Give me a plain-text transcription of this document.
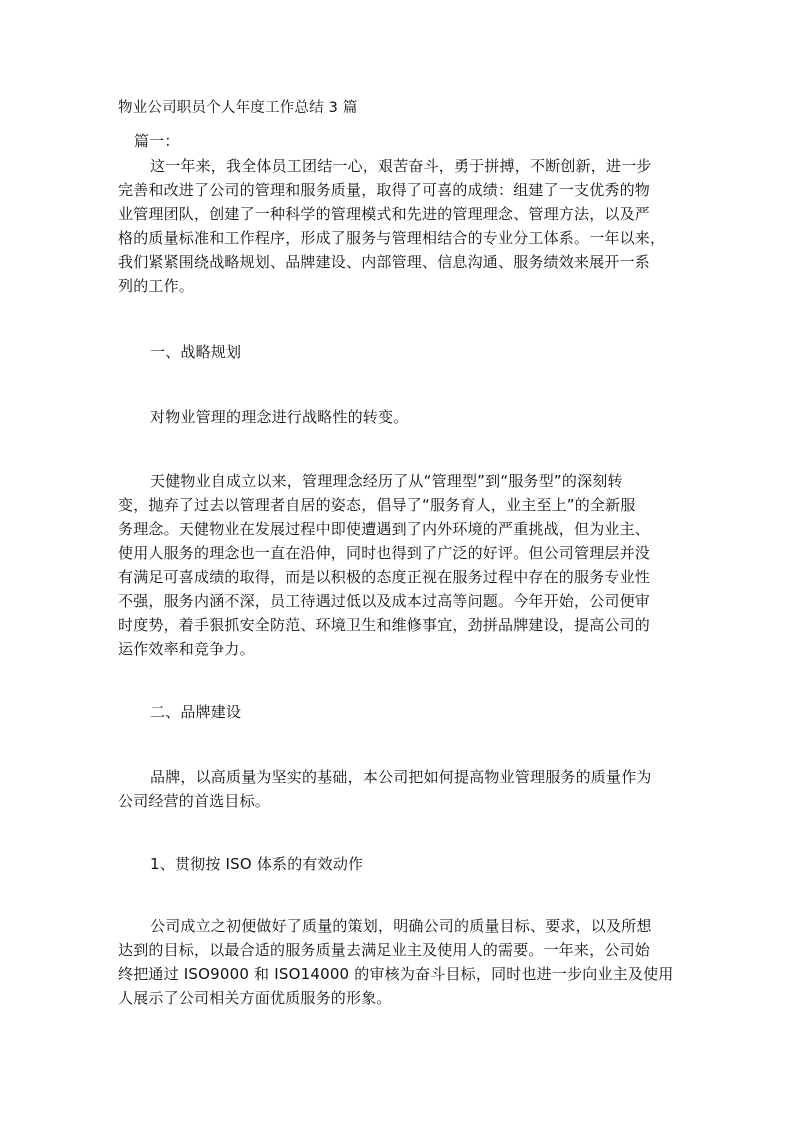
物业公司职员个人年度工作总结 3 篇

篇一：

这一年来，我全体员工团结一心，艰苦奋斗，勇于拼搏，不断创新，进一步
完善和改进了公司的管理和服务质量，取得了可喜的成绩：组建了一支优秀的物

业管理团队，创建了一种科学的管理模式和先进的管理理念、管理方法，以及严
格的质量标准和工作程序，形成了服务与管理相结合的专业分工体系。一年以来，
我们紧紧围绕战略规划、品牌建设、内部管理、信息沟通、服务绩效来展开一系
列的工作。

一、战略规划

对物业管理的理念进行战略性的转变。

天健物业自成立以来，管理理念经历了从“管理型”到“服务型”的深刻转

变，抛弃了过去以管理者自居的姿态，倡导了“服务育人，业主至上”的全新服
务理念。天健物业在发展过程中即使遭遇到了内外环境的严重挑战，但为业主、
使用人服务的理念也一直在沿伸，同时也得到了广泛的好评。但公司管理层并没
有满足可喜成绩的取得，而是以积极的态度正视在服务过程中存在的服务专业性
不强，服务内涵不深，员工待遇过低以及成本过高等问题。今年开始，公司便审
时度势，着手狠抓安全防范、环境卫生和维修事宜，劲拼品牌建设，提高公司的
运作效率和竞争力。

二、品牌建设

品牌，以高质量为坚实的基础，本公司把如何提高物业管理服务的质量作为

公司经营的首选目标。

1、贯彻按 ISO 体系的有效动作

公司成立之初便做好了质量的策划，明确公司的质量目标、要求，以及所想

达到的目标，以最合适的服务质量去满足业主及使用人的需要。一年来，公司始
终把通过 ISO9000 和 ISO14000 的审核为奋斗目标，同时也进一步向业主及使用
人展示了公司相关方面优质服务的形象。
